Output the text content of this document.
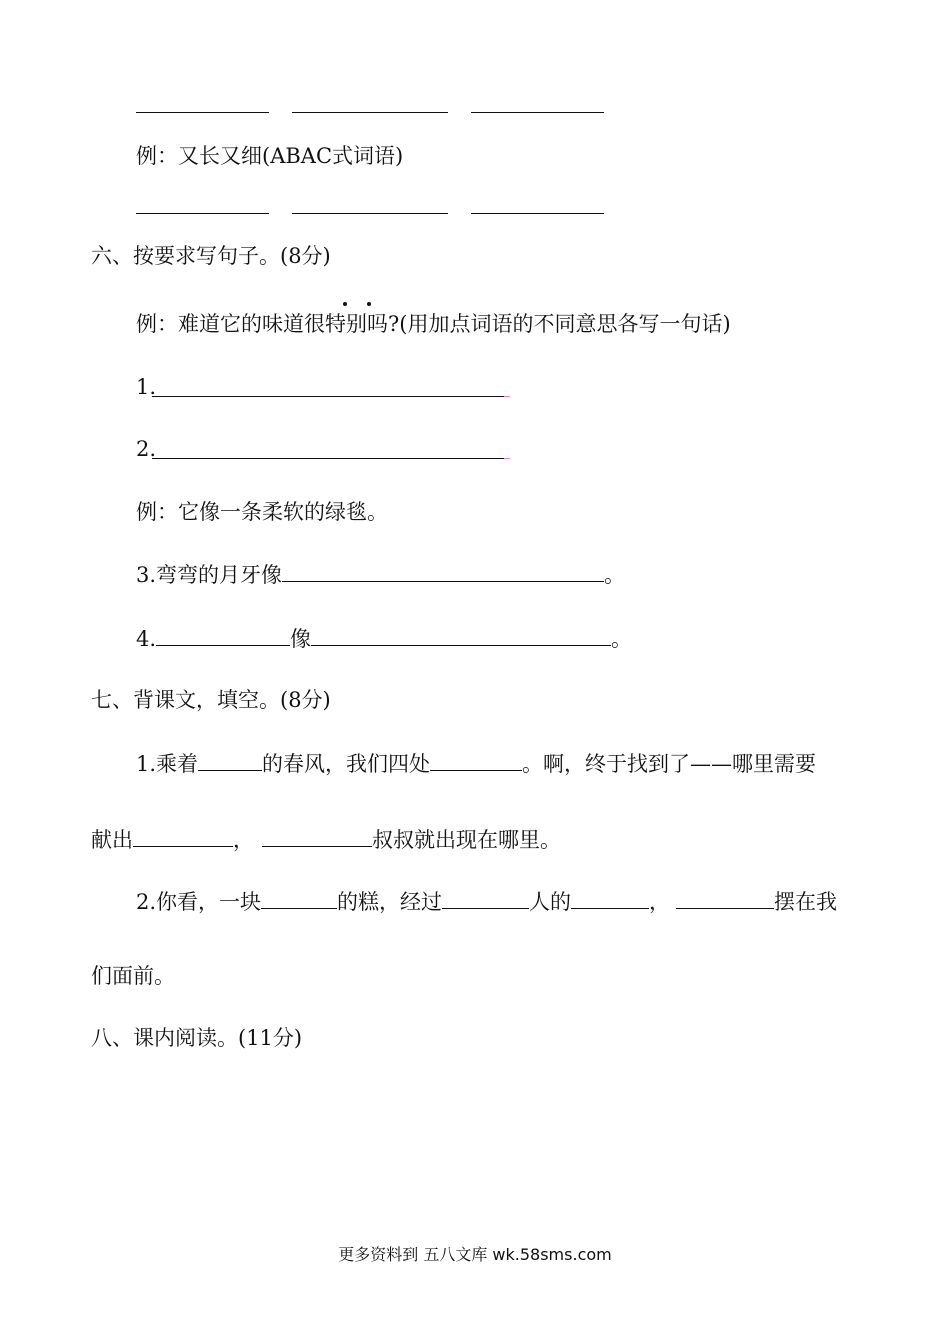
例：又长又细(ABAC式词语)
六、按要求写句子。(8分)
例：难道它的味道很特别吗?(用加点词语的不同意思各写一句话)
1.
2.
例：它像一条柔软的绿毯。
3.弯弯的月牙像	。
4.	像	。
七、背课文，填空。(8分)
1.乘着	的春风，我们四处	。啊，终于找到了——哪里需要
献出	，	叔叔就出现在哪里。
2.你看，一块	的糕，经过	人的	，	摆在我
们面前。
八、课内阅读。(11分)
更多资料到 五八文库 wk.58sms.com
